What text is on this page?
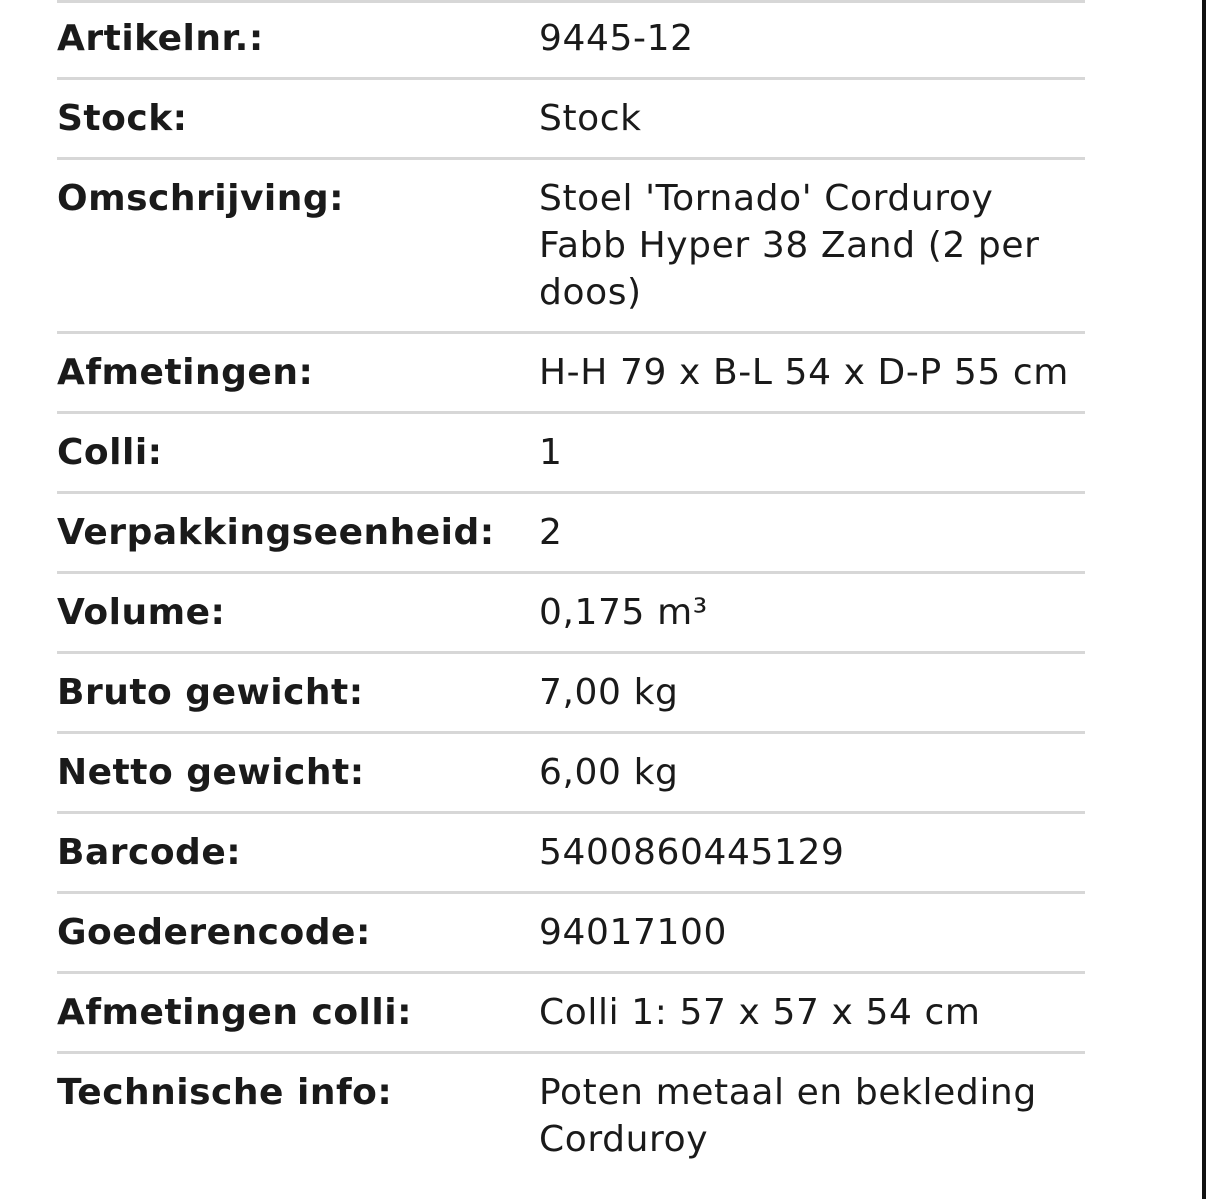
Artikelnr.:	9445-12
Stock:	Stock
Omschrijving:	Stoel 'Tornado' Corduroy Fabb Hyper 38 Zand (2 per doos)
Afmetingen:	H-H 79 x B-L 54 x D-P 55 cm
Colli:	1
Verpakkingseenheid:	2
Volume:	0,175 m³
Bruto gewicht:	7,00 kg
Netto gewicht:	6,00 kg
Barcode:	5400860445129
Goederencode:	94017100
Afmetingen colli:	Colli 1: 57 x 57 x 54 cm
Technische info:	Poten metaal en bekleding Corduroy
